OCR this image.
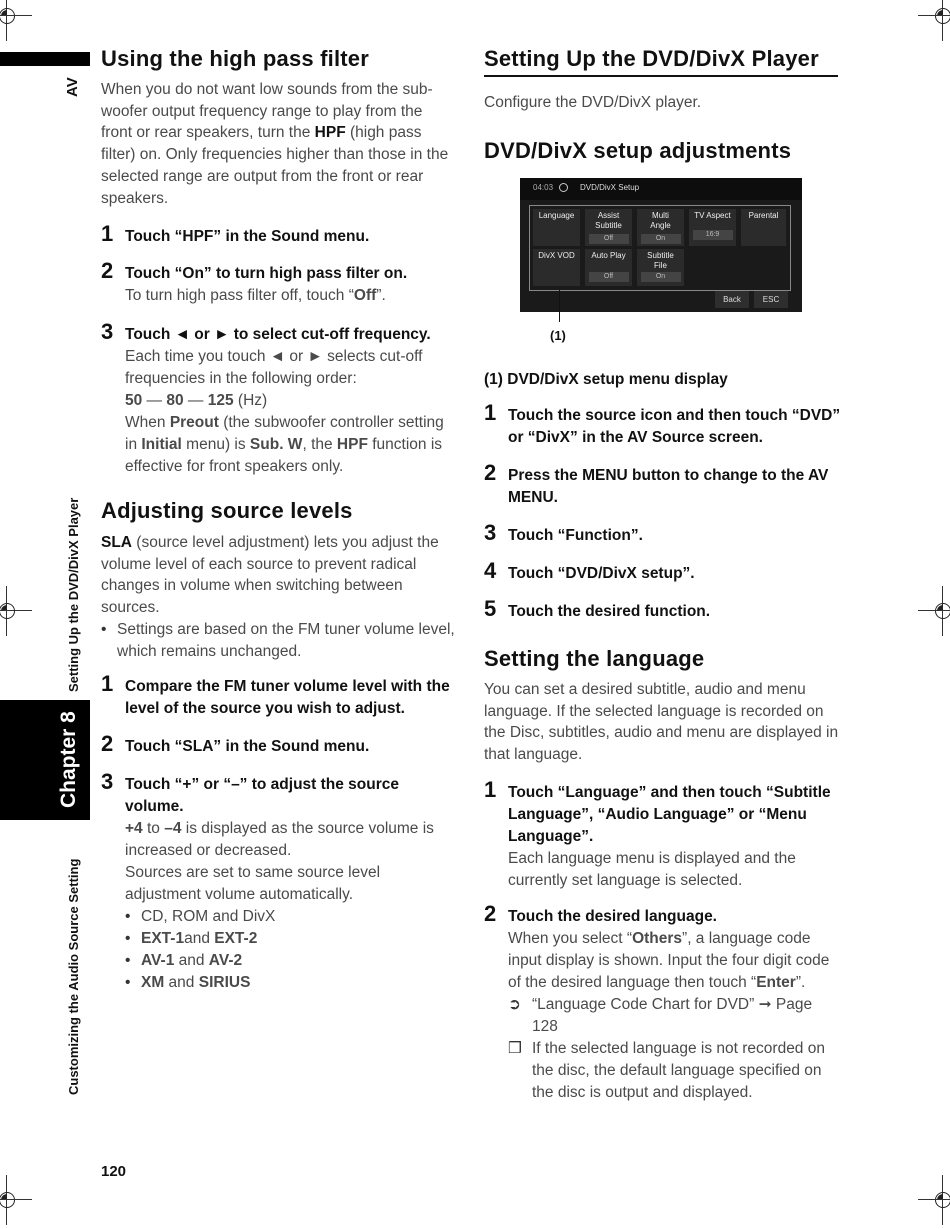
AV
Setting Up the DVD/DivX Player
Chapter 8
Customizing the Audio Source Setting
Using the high pass filter
When you do not want low sounds from the sub-woofer output frequency range to play from the front or rear speakers, turn the HPF (high pass filter) on. Only frequencies higher than those in the selected range are output from the front or rear speakers.
1 Touch “HPF” in the Sound menu.
2 Touch “On” to turn high pass filter on.
To turn high pass filter off, touch “Off”.
3 Touch ◄ or ► to select cut-off frequency.
Each time you touch ◄ or ► selects cut-off frequencies in the following order:
50 — 80 — 125 (Hz)
When Preout (the subwoofer controller setting in Initial menu) is Sub. W, the HPF function is effective for front speakers only.
Adjusting source levels
SLA (source level adjustment) lets you adjust the volume level of each source to prevent radical changes in volume when switching between sources.
• Settings are based on the FM tuner volume level, which remains unchanged.
1 Compare the FM tuner volume level with the level of the source you wish to adjust.
2 Touch “SLA” in the Sound menu.
3 Touch “+” or “–” to adjust the source volume.
+4 to –4 is displayed as the source volume is increased or decreased.
Sources are set to same source level adjustment volume automatically.
• CD, ROM and DivX
• EXT-1and EXT-2
• AV-1 and AV-2
• XM and SIRIUS
120
Setting Up the DVD/DivX Player
Configure the DVD/DivX player.
DVD/DivX setup adjustments
04:03	DVD/DivX Setup
Language	Assist Subtitle
Off
Multi Angle
On
TV Aspect
16:9
Parental
DivX VOD	Auto Play
Off
Subtitle File
On
Back	ESC
(1)
(1) DVD/DivX setup menu display
1 Touch the source icon and then touch “DVD” or “DivX” in the AV Source screen.
2 Press the MENU button to change to the AV MENU.
3 Touch “Function”.
4 Touch “DVD/DivX setup”.
5 Touch the desired function.
Setting the language
You can set a desired subtitle, audio and menu language. If the selected language is recorded on the Disc, subtitles, audio and menu are displayed in that language.
1 Touch “Language” and then touch “Subtitle Language”, “Audio Language” or “Menu Language”.
Each language menu is displayed and the currently set language is selected.
2 Touch the desired language.
When you select “Others”, a language code input display is shown. Input the four digit code of the desired language then touch “Enter”.
➲ “Language Code Chart for DVD” ➞ Page 128
❒ If the selected language is not recorded on the disc, the default language specified on the disc is output and displayed.
